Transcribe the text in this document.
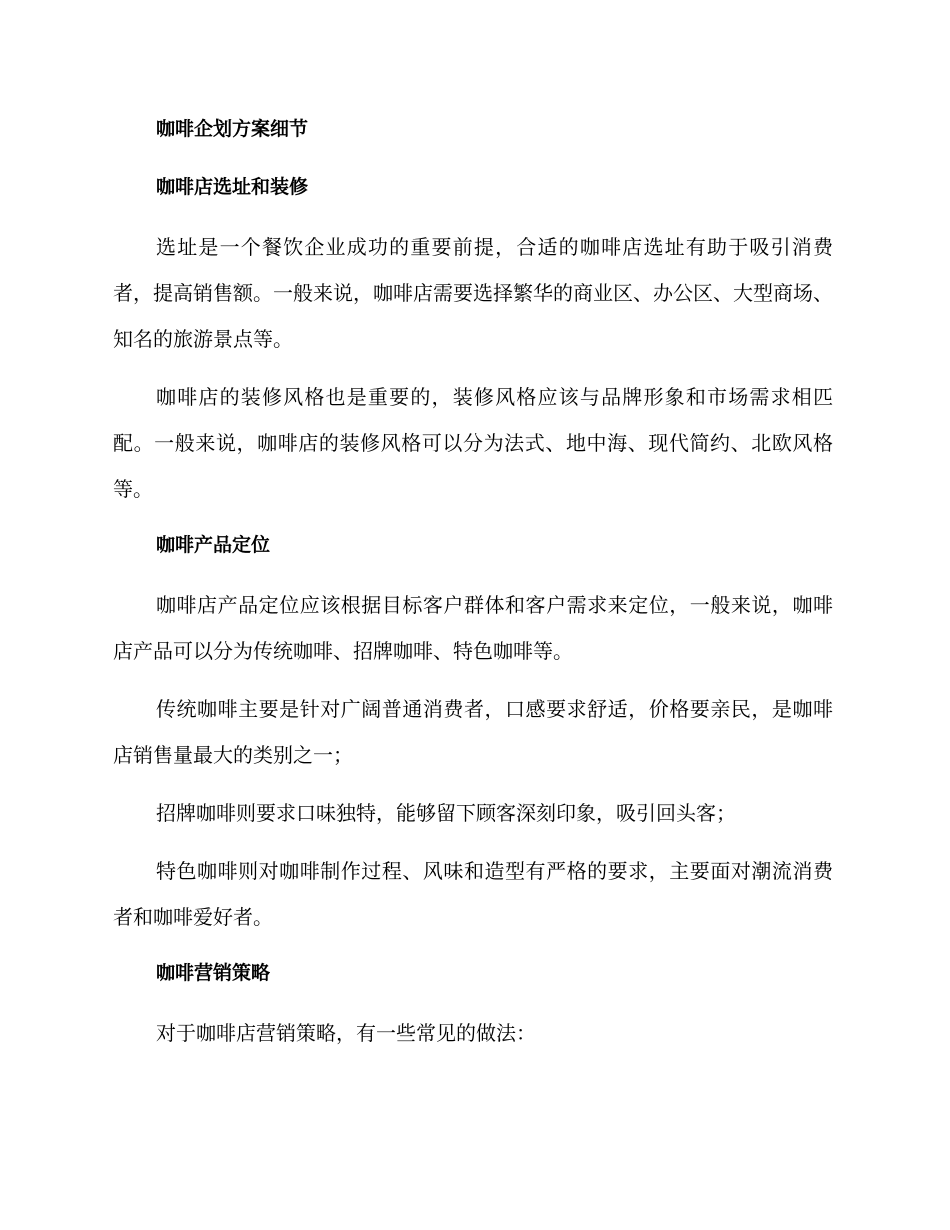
咖啡企划方案细节
咖啡店选址和装修

选址是一个餐饮企业成功的重要前提，合适的咖啡店选址有助于吸引消费者，提高销售额。一般来说，咖啡店需要选择繁华的商业区、办公区、大型商场、知名的旅游景点等。

咖啡店的装修风格也是重要的，装修风格应该与品牌形象和市场需求相匹配。一般来说，咖啡店的装修风格可以分为法式、地中海、现代简约、北欧风格等。

咖啡产品定位

咖啡店产品定位应该根据目标客户群体和客户需求来定位，一般来说，咖啡店产品可以分为传统咖啡、招牌咖啡、特色咖啡等。

传统咖啡主要是针对广阔普通消费者，口感要求舒适，价格要亲民，是咖啡店销售量最大的类别之一；

招牌咖啡则要求口味独特，能够留下顾客深刻印象，吸引回头客；

特色咖啡则对咖啡制作过程、风味和造型有严格的要求，主要面对潮流消费者和咖啡爱好者。

咖啡营销策略

对于咖啡店营销策略，有一些常见的做法：
